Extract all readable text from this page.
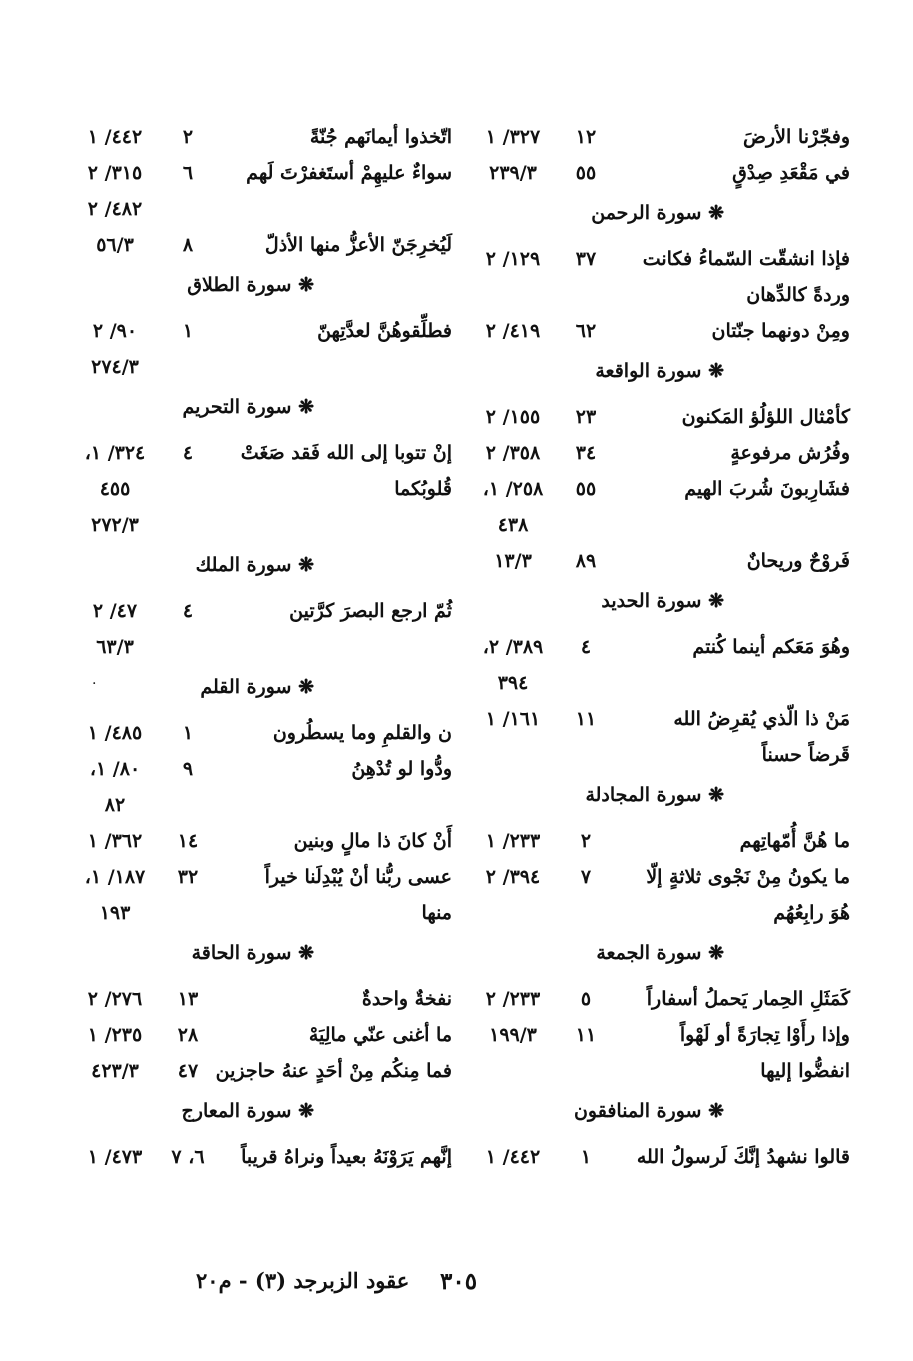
وفجّرْنا الأرضَ
١٢
٣٢٧/ ١
في مَقْعَدِ صِدْقٍ
٥٥
٢٣٩/٣
❋ سورة الرحمن
فإذا انشقّت السّماءُ فكانت
٣٧
١٢٩/ ٢
وردةً كالدِّهان
ومِنْ دونهما جنّتان
٦٢
٤١٩/ ٢
❋ سورة الواقعة
كأمْثال اللؤلُؤ المَكنون
٢٣
١٥٥/ ٢
وفُرُش مرفوعةٍ
٣٤
٣٥٨/ ٢
فشَارِبونَ شُربَ الهيم
٥٥
٢٥٨/ ١،
٤٣٨
فَروْحٌ وريحانٌ
٨٩
١٣/٣
❋ سورة الحديد
وهُوَ مَعَكم أينما كُنتم
٤
٣٨٩/ ٢،
٣٩٤
مَنْ ذا الّذي يُقرِضُ الله
١١
١٦١/ ١
قَرضاً حسناً
❋ سورة المجادلة
ما هُنَّ أُمّهاتِهم
٢
٢٣٣/ ١
ما يكونُ مِنْ نَجْوى ثلاثةٍ إلّا
٧
٣٩٤/ ٢
هُوَ رابِعُهُم
❋ سورة الجمعة
كَمَثَلِ الحِمار يَحملُ أسفاراً
٥
٢٣٣/ ٢
وإذا رأَوْا تِجارَةً أو لَهْواً
١١
١٩٩/٣
انفضُّوا إليها
❋ سورة المنافقون
قالوا نشهدُ إنَّكَ لَرسولُ الله
١
٤٤٢/ ١
اتّخذوا أيمانَهم جُنّةً
٢
٤٤٢/ ١
سواءٌ عليهِمْ أستَغفرْتَ لَهم
٦
٣١٥/ ٢
٤٨٢/ ٢
لَيُخرِجَنّ الأعزُّ منها الأذلّ
٨
٥٦/٣
❋ سورة الطلاق
فطلِّقوهُنَّ لعدَّتِهنّ
١
٩٠/ ٢
٢٧٤/٣
❋ سورة التحريم
إنْ تتوبا إلى الله فَقد صَغَتْ
٤
٣٢٤/ ١،
قُلوبُكما
٤٥٥
٢٧٢/٣
❋ سورة الملك
ثُمّ ارجع البصرَ كرَّتين
٤
٤٧/ ٢
٦٣/٣
❋ سورة القلم
.
ن والقلمِ وما يسطُرون
١
٤٨٥/ ١
ودُّوا لو تُدْهِنُ
٩
٨٠/ ١،
٨٢
أَنْ كانَ ذا مالٍ وبنين
١٤
٣٦٢/ ١
عسى ربُّنا أنْ يُبْدِلَنا خيراً
٣٢
١٨٧/ ١،
منها
١٩٣
❋ سورة الحاقة
نفخةٌ واحدةٌ
١٣
٢٧٦/ ٢
ما أغنى عنّي مالِيَهْ
٢٨
٢٣٥/ ١
فما مِنكُم مِنْ أحَدٍ عنهُ حاجزين
٤٧
٤٢٣/٣
❋ سورة المعارج
إنَّهم يَرَوْنَهُ بعيداً ونراهُ قريباً
٦، ٧
٤٧٣/ ١
٣٠٥
عقود الزبرجد (٣) - م٢٠
